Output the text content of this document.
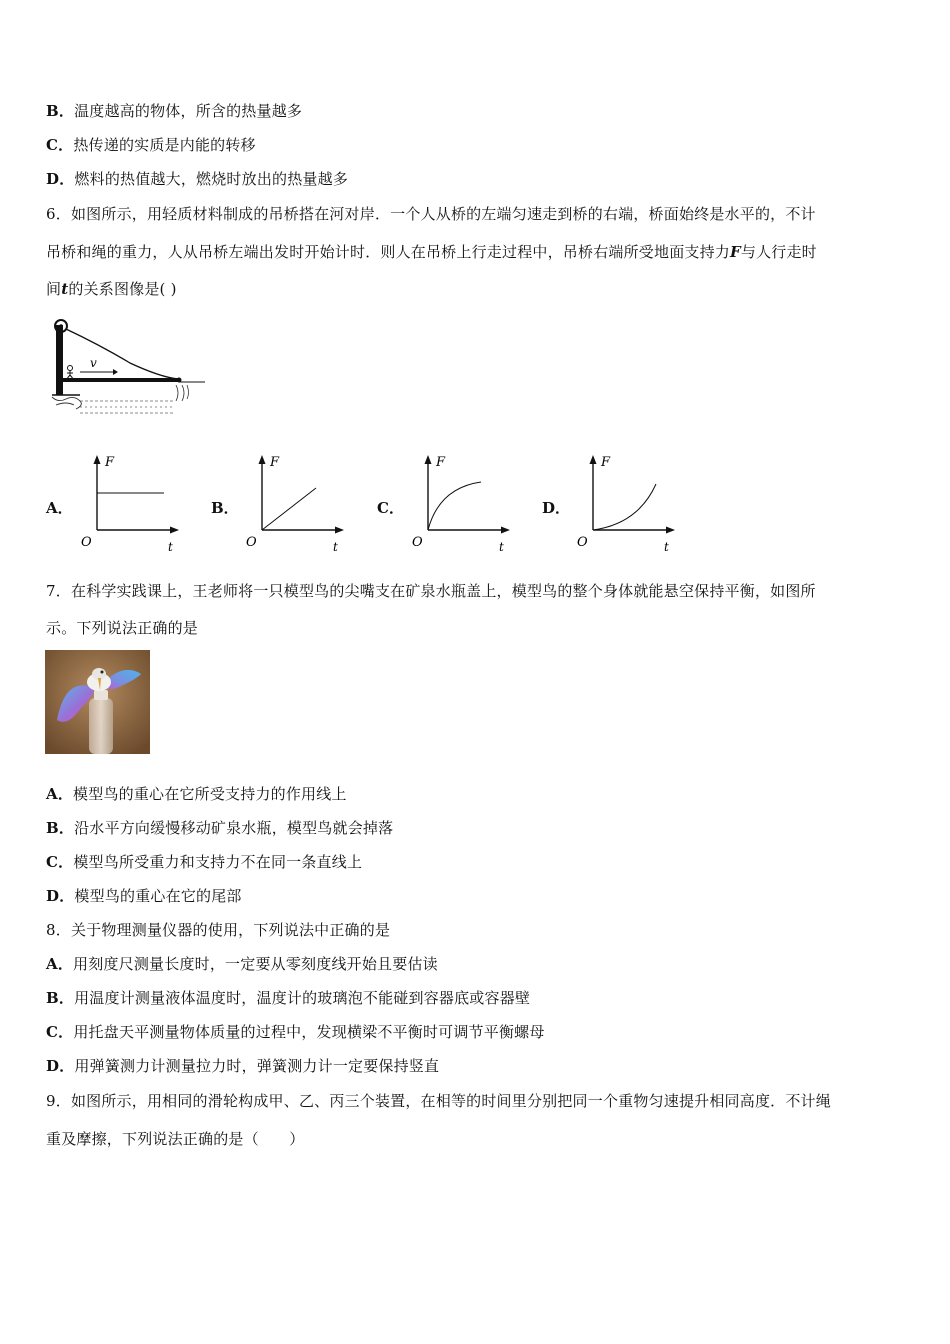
B．温度越高的物体，所含的热量越多
C．热传递的实质是内能的转移
D．燃料的热值越大，燃烧时放出的热量越多
6．如图所示，用轻质材料制成的吊桥搭在河对岸．一个人从桥的左端匀速走到桥的右端，桥面始终是水平的，不计
吊桥和绳的重力，人从吊桥左端出发时开始计时．则人在吊桥上行走过程中，吊桥右端所受地面支持力F与人行走时
间t的关系图像是( )
v
A．	B．	C．	D．
F
t
O
F
t
O
F
t
O
F
t
O
7．在科学实践课上，王老师将一只模型鸟的尖嘴支在矿泉水瓶盖上，模型鸟的整个身体就能悬空保持平衡，如图所
示。下列说法正确的是
A．模型鸟的重心在它所受支持力的作用线上
B．沿水平方向缓慢移动矿泉水瓶，模型鸟就会掉落
C．模型鸟所受重力和支持力不在同一条直线上
D．模型鸟的重心在它的尾部
8．关于物理测量仪器的使用，下列说法中正确的是
A．用刻度尺测量长度时，一定要从零刻度线开始且要估读
B．用温度计测量液体温度时，温度计的玻璃泡不能碰到容器底或容器壁
C．用托盘天平测量物体质量的过程中，发现横梁不平衡时可调节平衡螺母
D．用弹簧测力计测量拉力时，弹簧测力计一定要保持竖直
9．如图所示，用相同的滑轮构成甲、乙、丙三个装置，在相等的时间里分别把同一个重物匀速提升相同高度．不计绳
重及摩擦，下列说法正确的是（　　）
